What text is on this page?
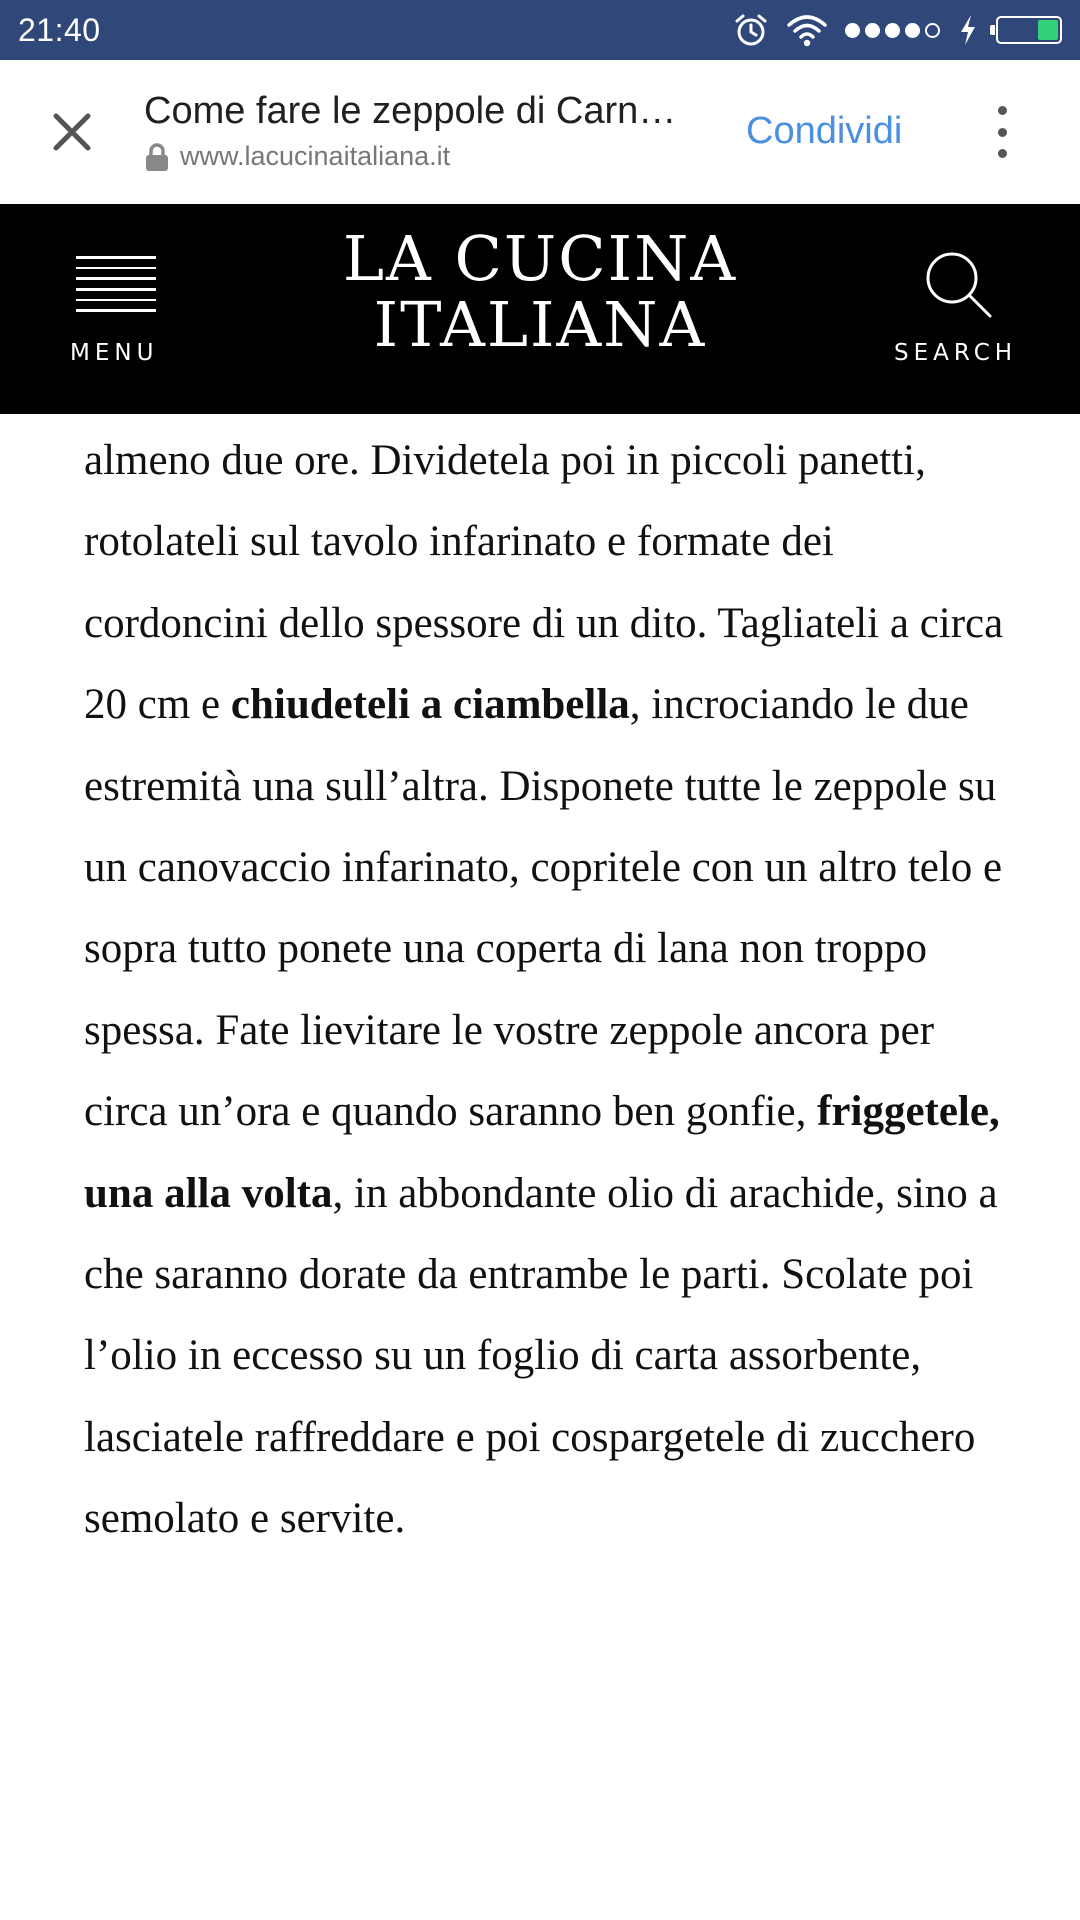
21:40
Come fare le zeppole di Carn…
www.lacucinaitaliana.it
Condividi
MENU
LA CUCINA
ITALIANA	SEARCH
almeno due ore. Dividetela poi in piccoli panetti, rotolateli sul tavolo infarinato e formate dei cordoncini dello spessore di un dito. Tagliateli a circa 20 cm e chiudeteli a ciambella, incrociando le due estremità una sull’altra. Disponete tutte le zeppole su un canovaccio infarinato, copritele con un altro telo e sopra tutto ponete una coperta di lana non troppo spessa. Fate lievitare le vostre zeppole ancora per circa un’ora e quando saranno ben gonfie, friggetele, una alla volta, in abbondante olio di arachide, sino a che saranno dorate da entrambe le parti. Scolate poi l’olio in eccesso su un foglio di carta assorbente, lasciatele raffreddare e poi cospargetele di zucchero semolato e servite.
